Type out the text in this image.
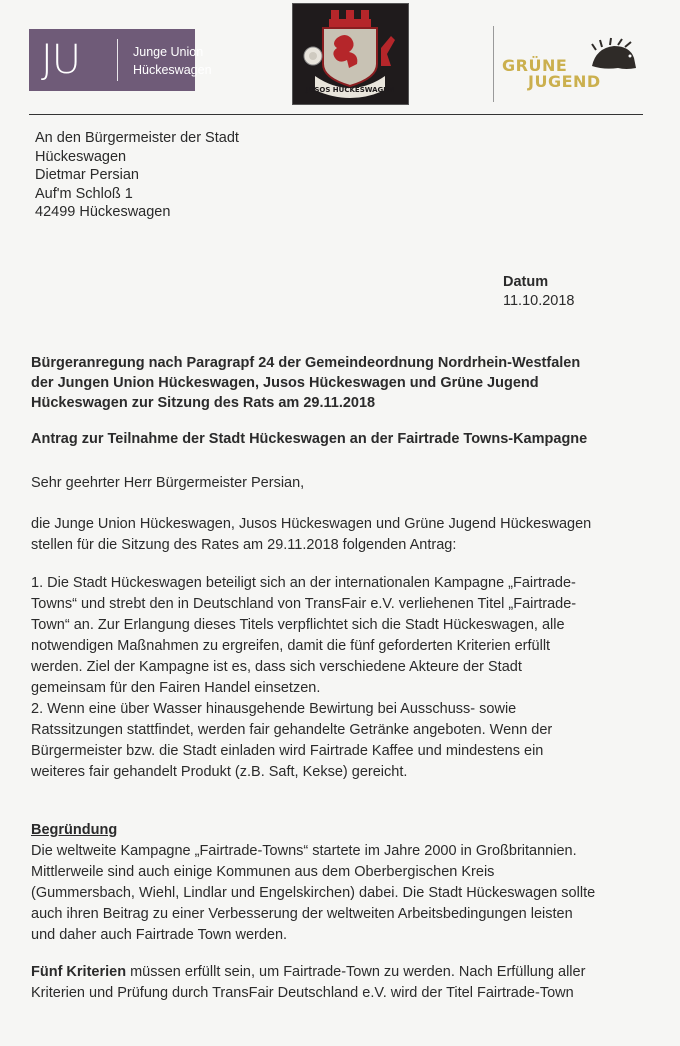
JU	Junge Union
Hückeswagen
JUSOS HÜCKESWAGEN
GRÜNE
JUGEND
An den Bürgermeister der Stadt
Hückeswagen
Dietmar Persian
Auf'm Schloß 1
42499 Hückeswagen
Datum
11.10.2018
Bürgeranregung nach Paragrapf 24 der Gemeindeordnung Nordrhein-Westfalen
der Jungen Union Hückeswagen, Jusos Hückeswagen und Grüne Jugend
Hückeswagen zur Sitzung des Rats am 29.11.2018
Antrag zur Teilnahme der Stadt Hückeswagen an der Fairtrade Towns-Kampagne
Sehr geehrter Herr Bürgermeister Persian,
die Junge Union Hückeswagen, Jusos Hückeswagen und Grüne Jugend Hückeswagen
stellen für die Sitzung des Rates am 29.11.2018 folgenden Antrag:
1. Die Stadt Hückeswagen beteiligt sich an der internationalen Kampagne „Fairtrade-
Towns“ und strebt den in Deutschland von TransFair e.V. verliehenen Titel „Fairtrade-
Town“ an. Zur Erlangung dieses Titels verpflichtet sich die Stadt Hückeswagen, alle
notwendigen Maßnahmen zu ergreifen, damit die fünf geforderten Kriterien erfüllt
werden. Ziel der Kampagne ist es, dass sich verschiedene Akteure der Stadt
gemeinsam für den Fairen Handel einsetzen.
2. Wenn eine über Wasser hinausgehende Bewirtung bei Ausschuss- sowie
Ratssitzungen stattfindet, werden fair gehandelte Getränke angeboten. Wenn der
Bürgermeister bzw. die Stadt einladen wird Fairtrade Kaffee und mindestens ein
weiteres fair gehandelt Produkt (z.B. Saft, Kekse) gereicht.
Begründung
Die weltweite Kampagne „Fairtrade-Towns“ startete im Jahre 2000 in Großbritannien.
Mittlerweile sind auch einige Kommunen aus dem Oberbergischen Kreis
(Gummersbach, Wiehl, Lindlar und Engelskirchen) dabei. Die Stadt Hückeswagen sollte
auch ihren Beitrag zu einer Verbesserung der weltweiten Arbeitsbedingungen leisten
und daher auch Fairtrade Town werden.
Fünf Kriterien müssen erfüllt sein, um Fairtrade-Town zu werden. Nach Erfüllung aller
Kriterien und Prüfung durch TransFair Deutschland e.V. wird der Titel Fairtrade-Town
